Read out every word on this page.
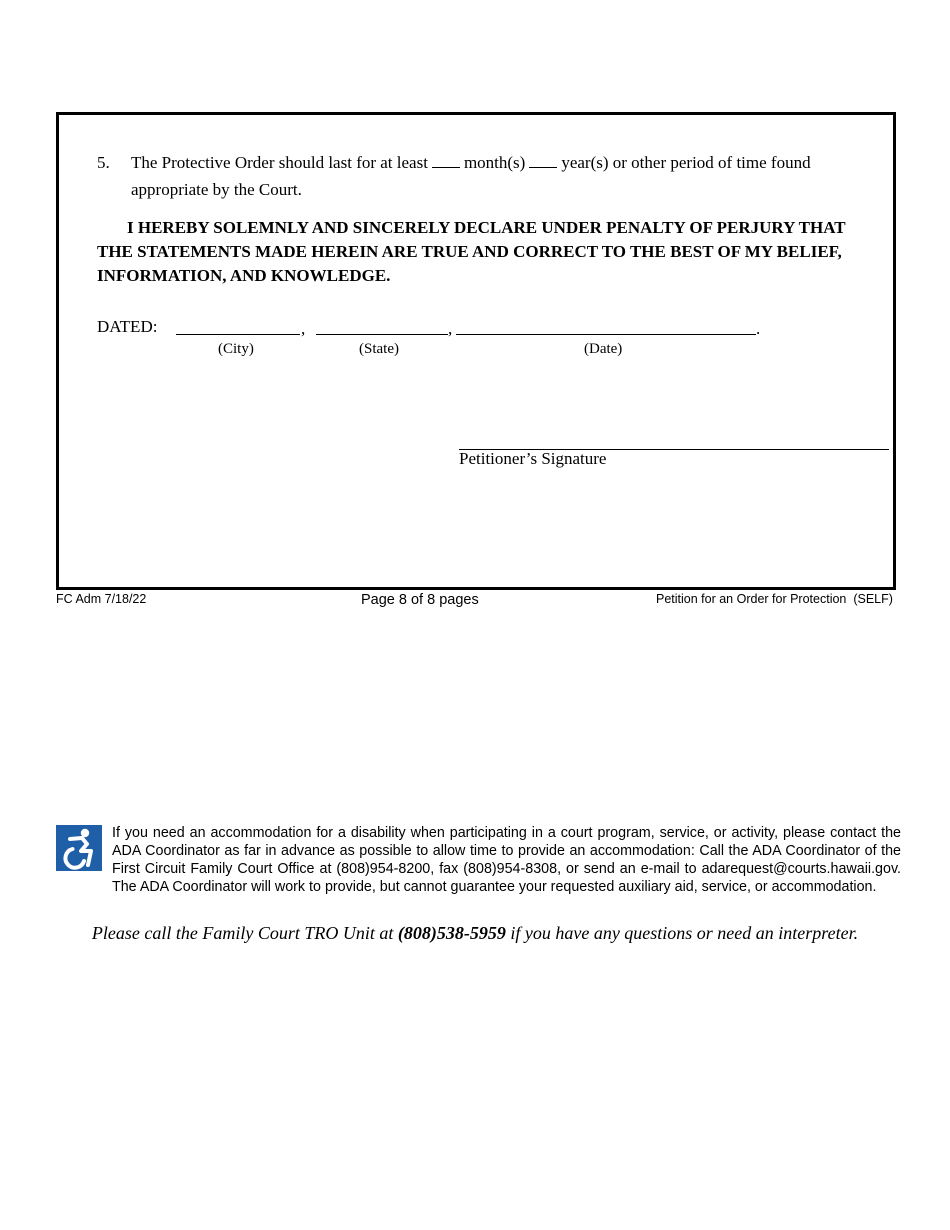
5. The Protective Order should last for at least month(s) year(s) or other period of time found appropriate by the Court.
I HEREBY SOLEMNLY AND SINCERELY DECLARE UNDER PENALTY OF PERJURY THAT THE STATEMENTS MADE HEREIN ARE TRUE AND CORRECT TO THE BEST OF MY BELIEF, INFORMATION, AND KNOWLEDGE.
DATED:	,	,	.
(City)	(State)	(Date)
Petitioner’s Signature
FC Adm 7/18/22	Page 8 of 8 pages	Petition for an Order for Protection  (SELF)
If you need an accommodation for a disability when participating in a court program, service, or activity, please contact the ADA Coordinator as far in advance as possible to allow time to provide an accommodation: Call the ADA Coordinator of the First Circuit Family Court Office at (808)954-8200, fax (808)954-8308, or send an e-mail to adarequest@courts.hawaii.gov. The ADA Coordinator will work to provide, but cannot guarantee your requested auxiliary aid, service, or accommodation.
Please call the Family Court TRO Unit at (808)538-5959 if you have any questions or need an interpreter.
